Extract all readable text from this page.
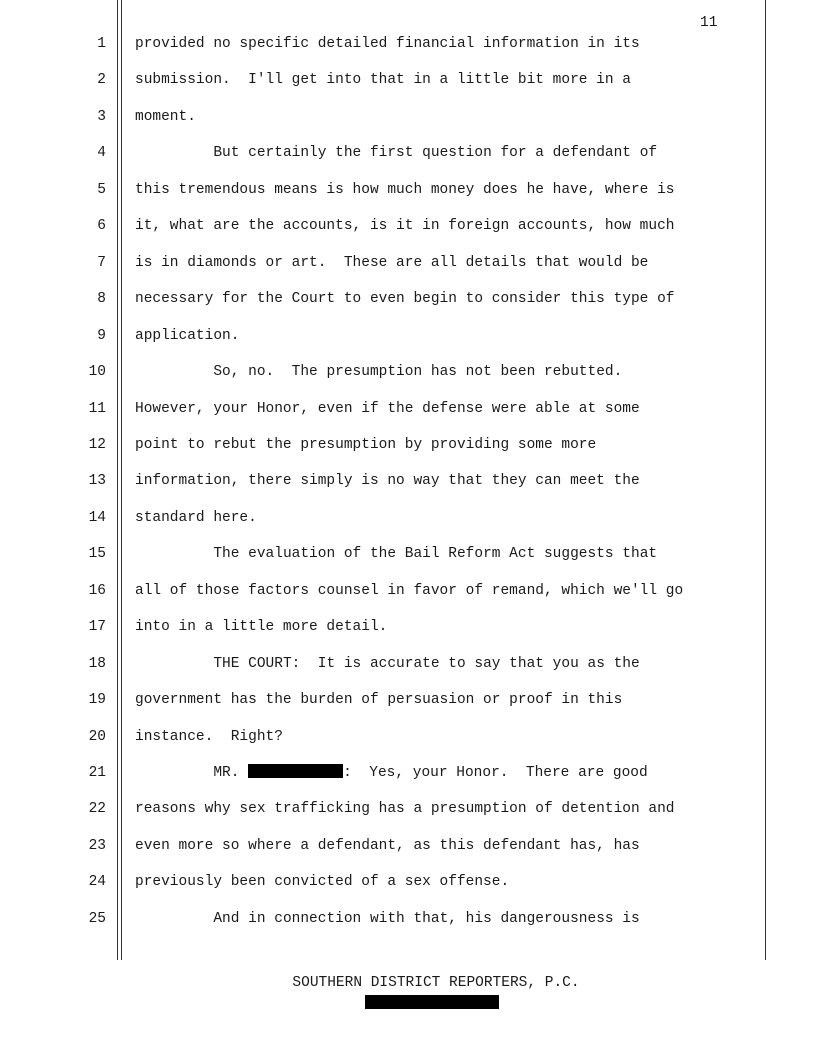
11
1 provided no specific detailed financial information in its
2 submission.  I'll get into that in a little bit more in a
3 moment.
4	But certainly the first question for a defendant of
5 this tremendous means is how much money does he have, where is
6 it, what are the accounts, is it in foreign accounts, how much
7 is in diamonds or art.  These are all details that would be
8 necessary for the Court to even begin to consider this type of
9 application.
10	So, no.  The presumption has not been rebutted.
11 However, your Honor, even if the defense were able at some
12 point to rebut the presumption by providing some more
13 information, there simply is no way that they can meet the
14 standard here.
15	The evaluation of the Bail Reform Act suggests that
16 all of those factors counsel in favor of remand, which we'll go
17 into in a little more detail.
18	THE COURT:  It is accurate to say that you as the
19 government has the burden of persuasion or proof in this
20 instance.  Right?
21	MR.	:  Yes, your Honor.  There are good
22 reasons why sex trafficking has a presumption of detention and
23 even more so where a defendant, as this defendant has, has
24 previously been convicted of a sex offense.
25	And in connection with that, his dangerousness is
SOUTHERN DISTRICT REPORTERS, P.C.
